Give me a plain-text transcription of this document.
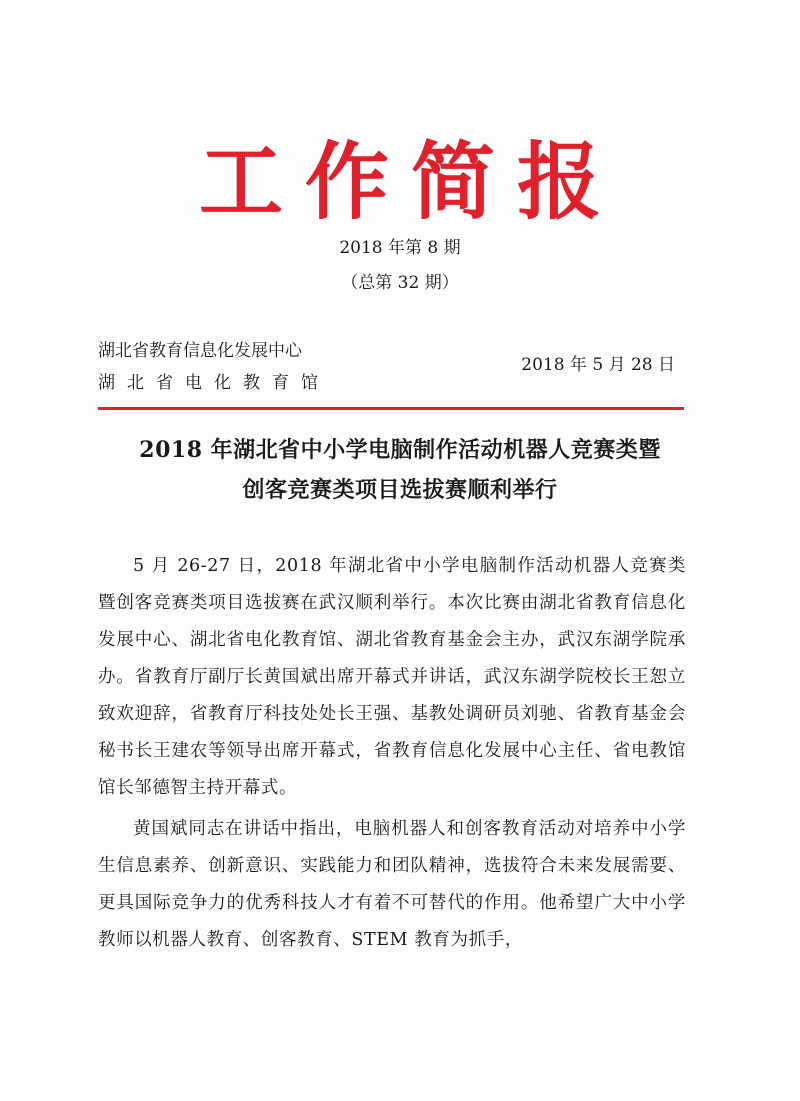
工作简报
2018 年第 8 期
（总第 32 期）
湖北省教育信息化发展中心
湖北省电化教育馆
2018 年 5 月 28 日
2018 年湖北省中小学电脑制作活动机器人竞赛类暨
创客竞赛类项目选拔赛顺利举行

5 月 26-27 日，2018 年湖北省中小学电脑制作活动机器人竞赛类暨创客竞赛类项目选拔赛在武汉顺利举行。本次比赛由湖北省教育信息化发展中心、湖北省电化教育馆、湖北省教育基金会主办，武汉东湖学院承办。省教育厅副厅长黄国斌出席开幕式并讲话，武汉东湖学院校长王恕立致欢迎辞，省教育厅科技处处长王强、基教处调研员刘驰、省教育基金会秘书长王建农等领导出席开幕式，省教育信息化发展中心主任、省电教馆馆长邹德智主持开幕式。

黄国斌同志在讲话中指出，电脑机器人和创客教育活动对培养中小学生信息素养、创新意识、实践能力和团队精神，选拔符合未来发展需要、更具国际竞争力的优秀科技人才有着不可替代的作用。他希望广大中小学教师以机器人教育、创客教育、STEM 教育为抓手，
